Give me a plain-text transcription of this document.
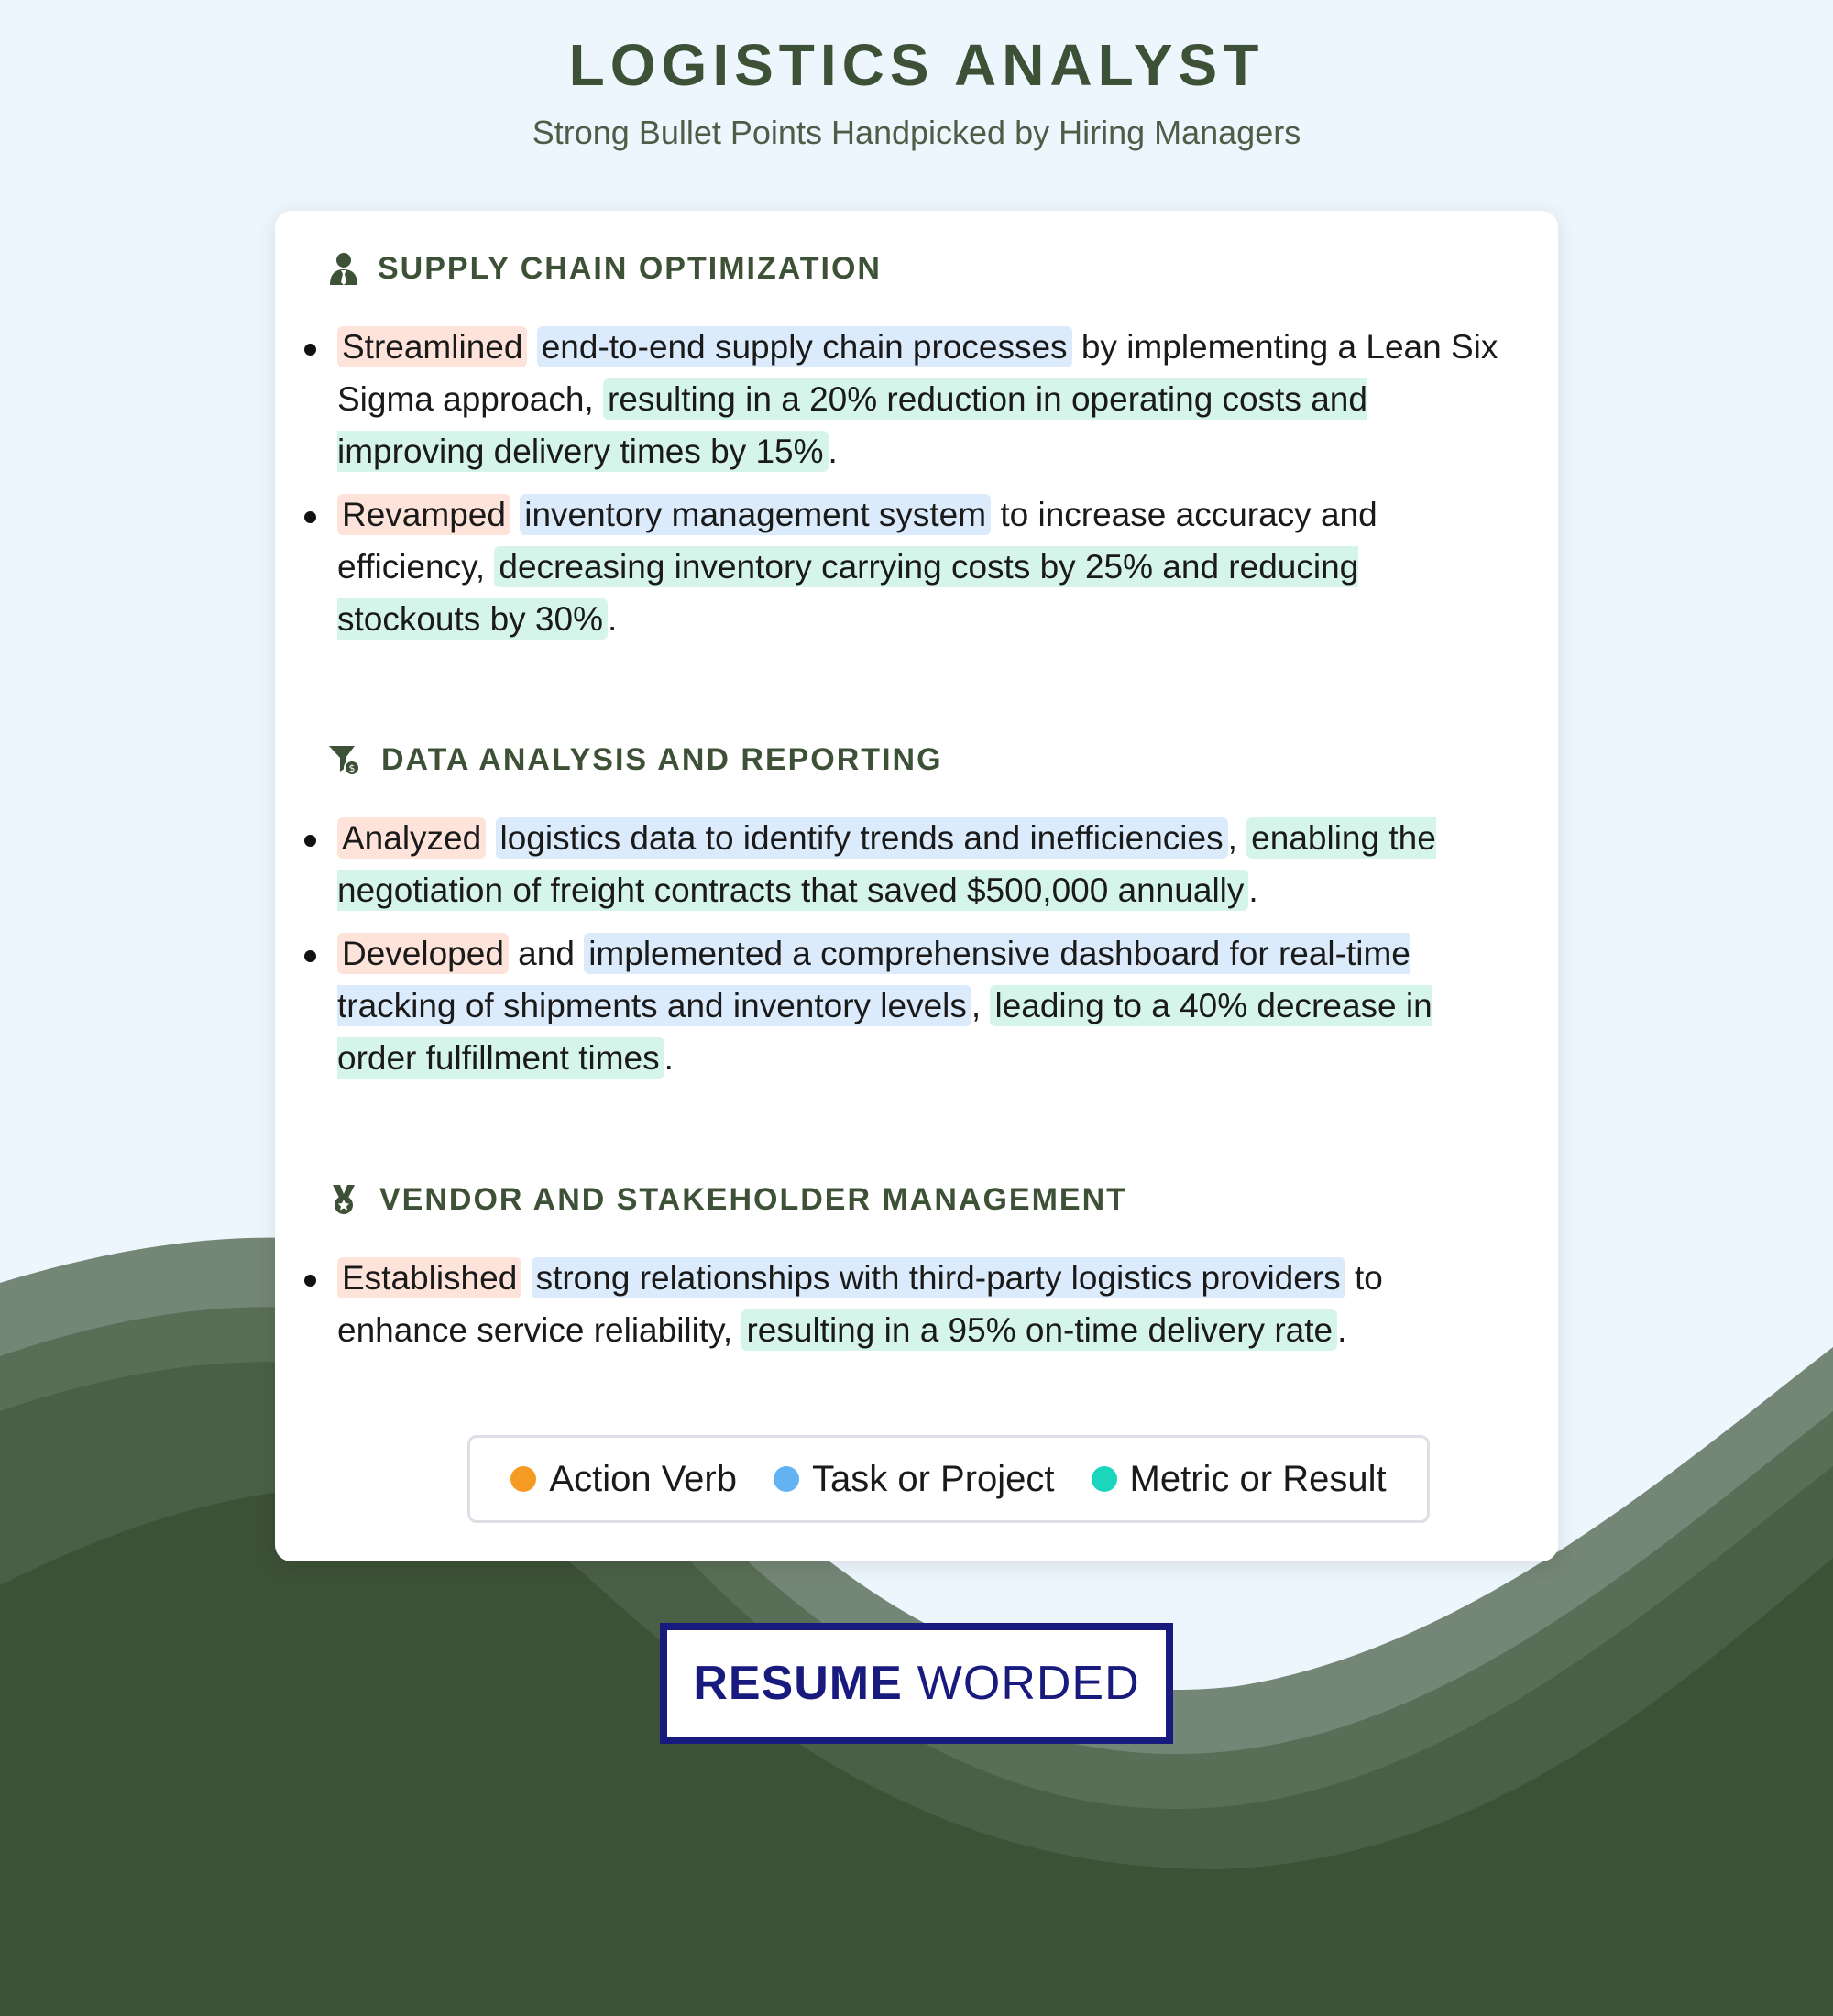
LOGISTICS ANALYST

Strong Bullet Points Handpicked by Hiring Managers

SUPPLY CHAIN OPTIMIZATION
Streamlined end-to-end supply chain processes by implementing a Lean Six Sigma approach, resulting in a 20% reduction in operating costs and improving delivery times by 15% .
Revamped inventory management system to increase accuracy and efficiency, decreasing inventory carrying costs by 25% and reducing stockouts by 30% .
$ DATA ANALYSIS AND REPORTING
Analyzed logistics data to identify trends and inefficiencies , enabling the negotiation of freight contracts that saved $500,000 annually .
Developed and implemented a comprehensive dashboard for real-time tracking of shipments and inventory levels , leading to a 40% decrease in order fulfillment times .
VENDOR AND STAKEHOLDER MANAGEMENT
Established strong relationships with third-party logistics providers to enhance service reliability, resulting in a 95% on-time delivery rate .
Action Verb Task or Project Metric or Result
RESUME WORDED
